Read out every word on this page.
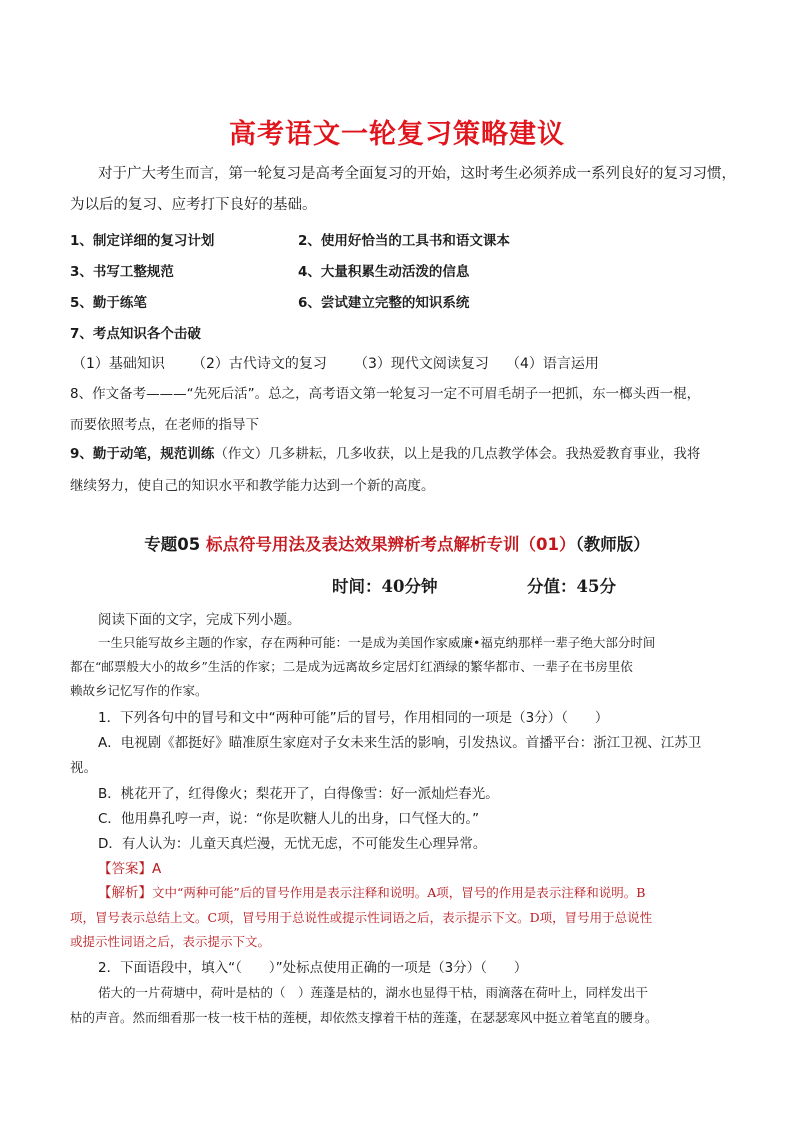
高考语文一轮复习策略建议
对于广大考生而言，第一轮复习是高考全面复习的开始，这时考生必须养成一系列良好的复习习惯，
为以后的复习、应考打下良好的基础。
1、制定详细的复习计划	2、使用好恰当的工具书和语文课本
3、书写工整规范	4、大量积累生动活泼的信息
5、勤于练笔	6、尝试建立完整的知识系统
7、考点知识各个击破
（1）基础知识 （2）古代诗文的复习 （3）现代文阅读复习 （4）语言运用
8、作文备考———“先死后活”。总之，高考语文第一轮复习一定不可眉毛胡子一把抓，东一榔头西一棍，
而要依照考点，在老师的指导下
9、勤于动笔，规范训练（作文）几多耕耘，几多收获，以上是我的几点教学体会。我热爱教育事业，我将
继续努力，使自己的知识水平和教学能力达到一个新的高度。
专题05 标点符号用法及表达效果辨析考点解析专训（01）（教师版）
时间：40分钟	分值：45分
阅读下面的文字，完成下列小题。
一生只能写故乡主题的作家，存在两种可能：一是成为美国作家威廉•福克纳那样一辈子绝大部分时间
都在“邮票般大小的故乡”生活的作家；二是成为远离故乡定居灯红酒绿的繁华都市、一辈子在书房里依
赖故乡记忆写作的作家。
1．下列各句中的冒号和文中“两种可能”后的冒号，作用相同的一项是（3分）（　　）
A．电视剧《都挺好》瞄准原生家庭对子女未来生活的影响，引发热议。首播平台：浙江卫视、江苏卫
视。
B．桃花开了，红得像火；梨花开了，白得像雪：好一派灿烂春光。
C．他用鼻孔哼一声，说：“你是吹糖人儿的出身，口气怪大的。”
D．有人认为：儿童天真烂漫，无忧无虑，不可能发生心理异常。
【答案】A
【解析】文中“两种可能”后的冒号作用是表示注释和说明。A项，冒号的作用是表示注释和说明。B
项，冒号表示总结上文。C项，冒号用于总说性或提示性词语之后，表示提示下文。D项，冒号用于总说性
或提示性词语之后，表示提示下文。
2．下面语段中，填入“（　　）”处标点使用正确的一项是（3分）（　　）
偌大的一片荷塘中，荷叶是枯的（　）莲蓬是枯的，湖水也显得干枯，雨滴落在荷叶上，同样发出干
枯的声音。然而细看那一枝一枝干枯的莲梗，却依然支撑着干枯的莲蓬，在瑟瑟寒风中挺立着笔直的腰身。
